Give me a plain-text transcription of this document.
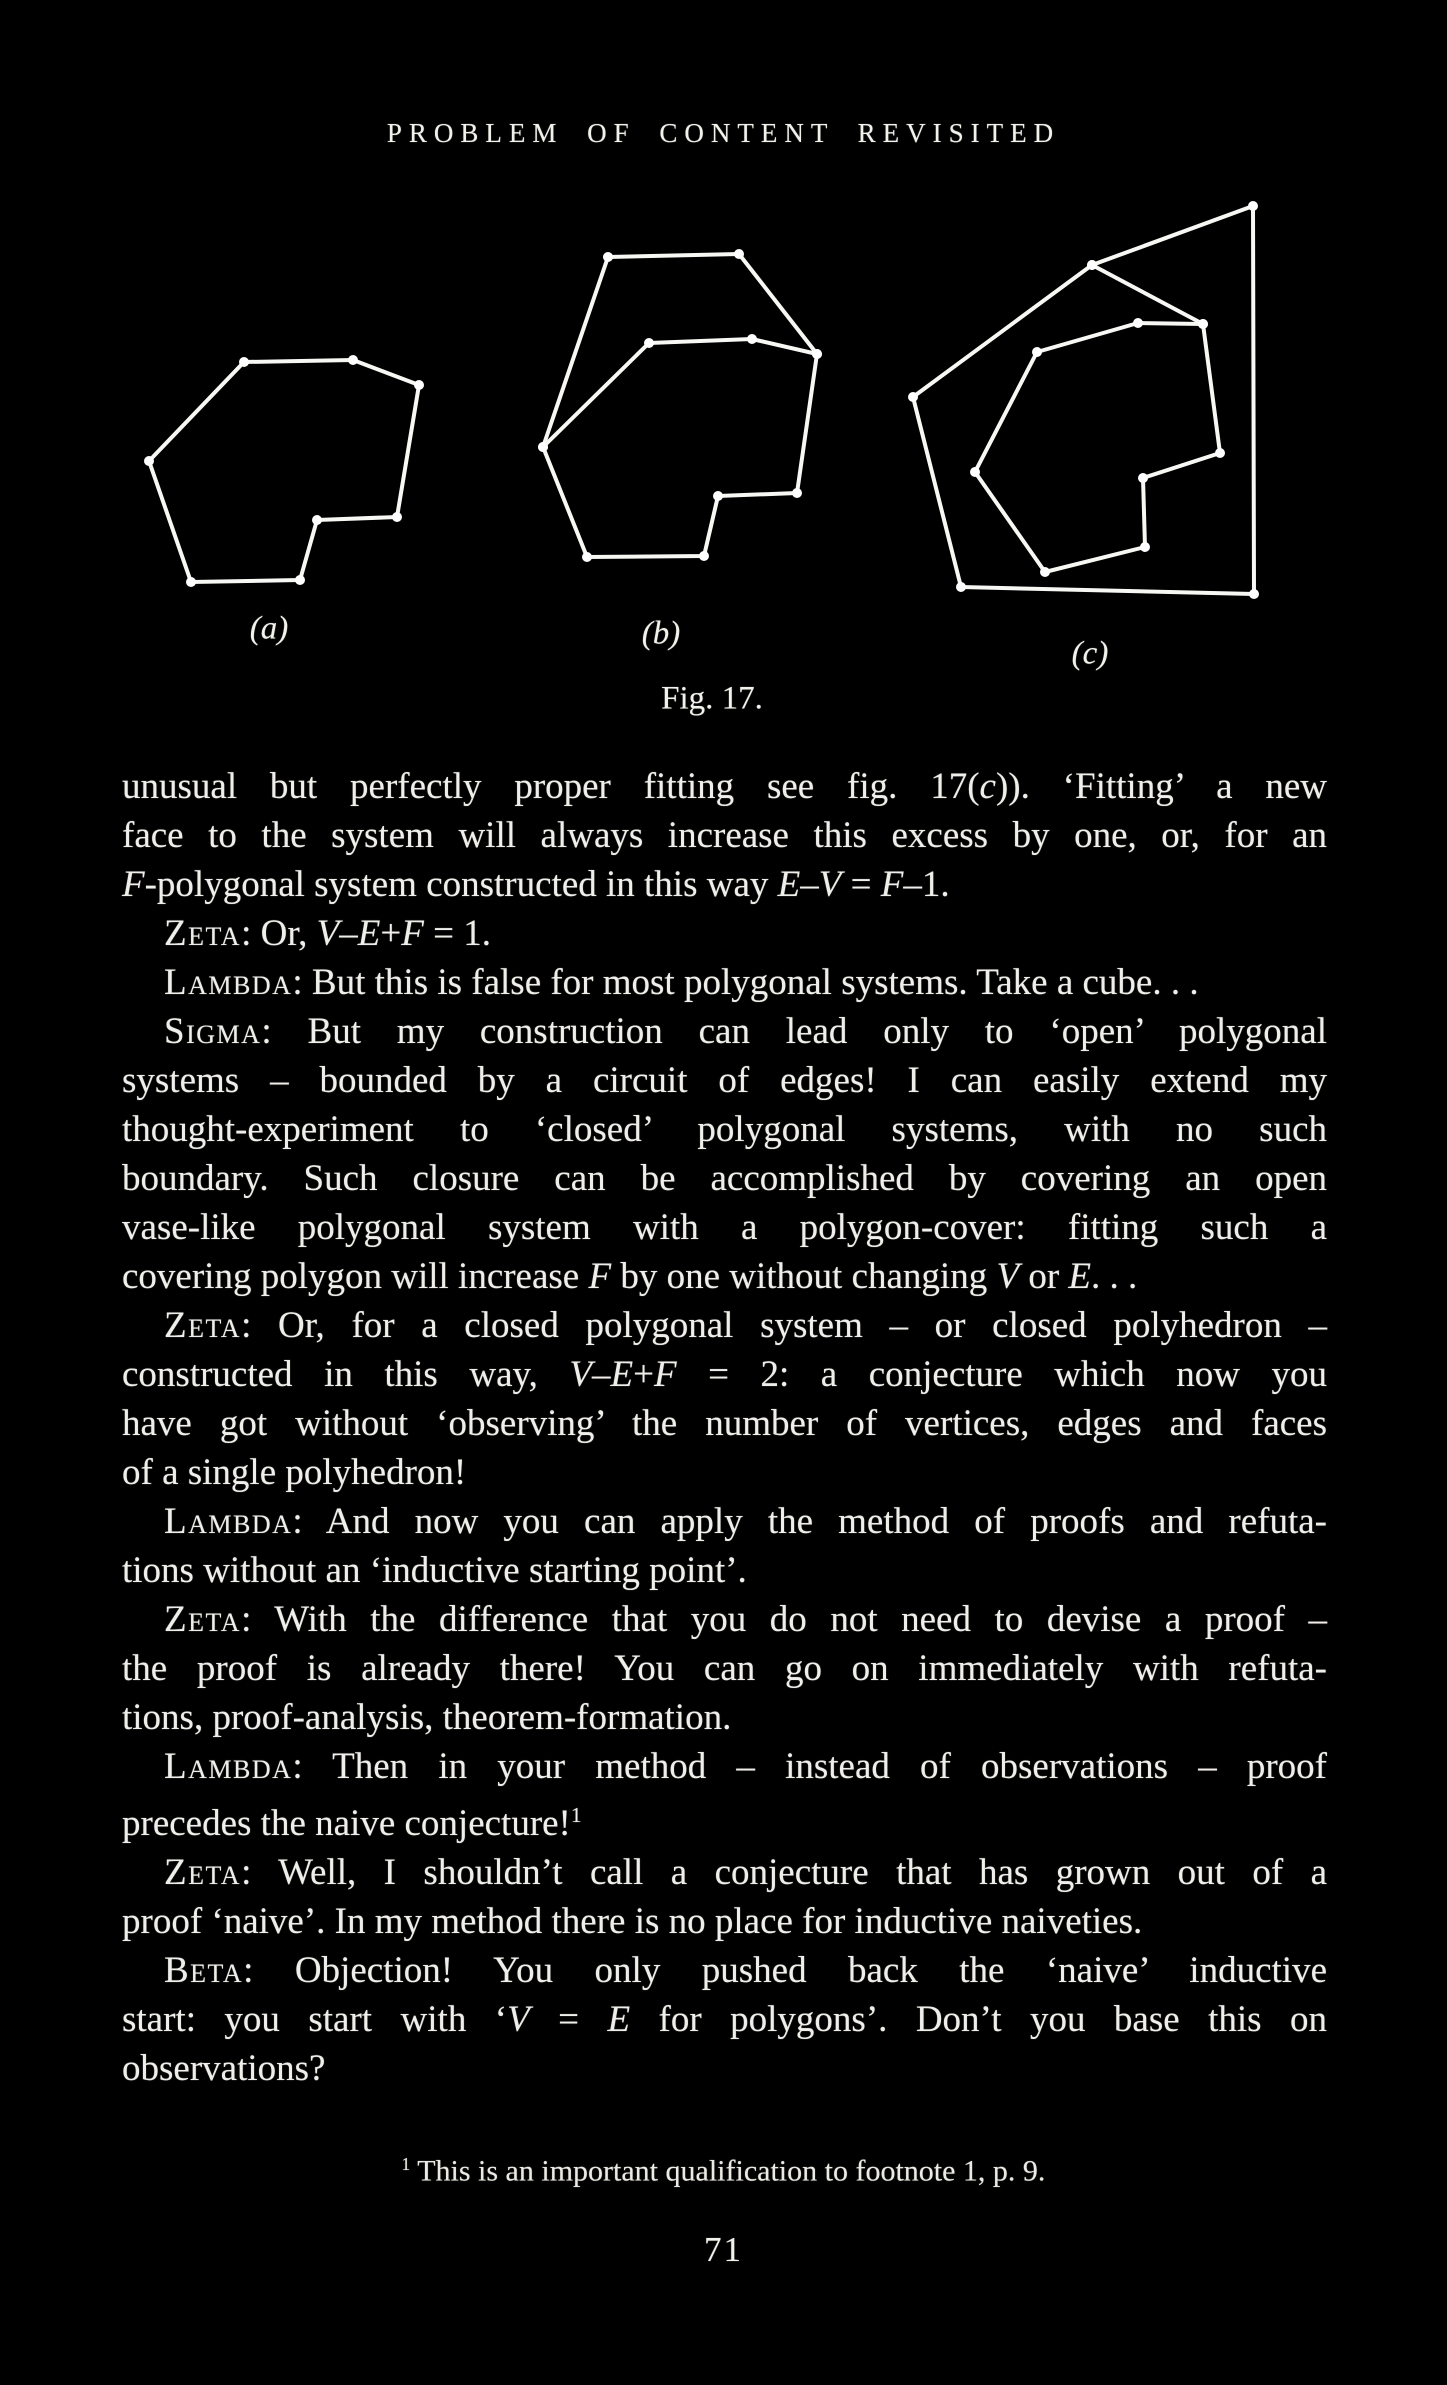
PROBLEM OF CONTENT REVISITED
(a)	(b)
(c)
Fig. 17.
unusual but perfectly proper fitting see fig. 17(c)). ‘Fitting’ a new
face to the system will always increase this excess by one, or, for an
F-polygonal system constructed in this way E–V = F–1.
Zeta: Or, V–E+F = 1.
Lambda: But this is false for most polygonal systems. Take a cube. . .
Sigma: But my construction can lead only to ‘open’ polygonal
systems – bounded by a circuit of edges! I can easily extend my
thought-experiment to ‘closed’ polygonal systems, with no such
boundary. Such closure can be accomplished by covering an open
vase-like polygonal system with a polygon-cover: fitting such a
covering polygon will increase F by one without changing V or E. . .
Zeta: Or, for a closed polygonal system – or closed polyhedron –
constructed in this way, V–E+F = 2: a conjecture which now you
have got without ‘observing’ the number of vertices, edges and faces
of a single polyhedron!
Lambda: And now you can apply the method of proofs and refuta-
tions without an ‘inductive starting point’.
Zeta: With the difference that you do not need to devise a proof –
the proof is already there! You can go on immediately with refuta-
tions, proof-analysis, theorem-formation.
Lambda: Then in your method – instead of observations – proof
precedes the naive conjecture!$^1$
Zeta: Well, I shouldn’t call a conjecture that has grown out of a
proof ‘naive’. In my method there is no place for inductive naiveties.
Beta: Objection! You only pushed back the ‘naive’ inductive
start: you start with ‘V = E for polygons’. Don’t you base this on
observations?
$^1$ This is an important qualification to footnote 1, p. 9.
71
